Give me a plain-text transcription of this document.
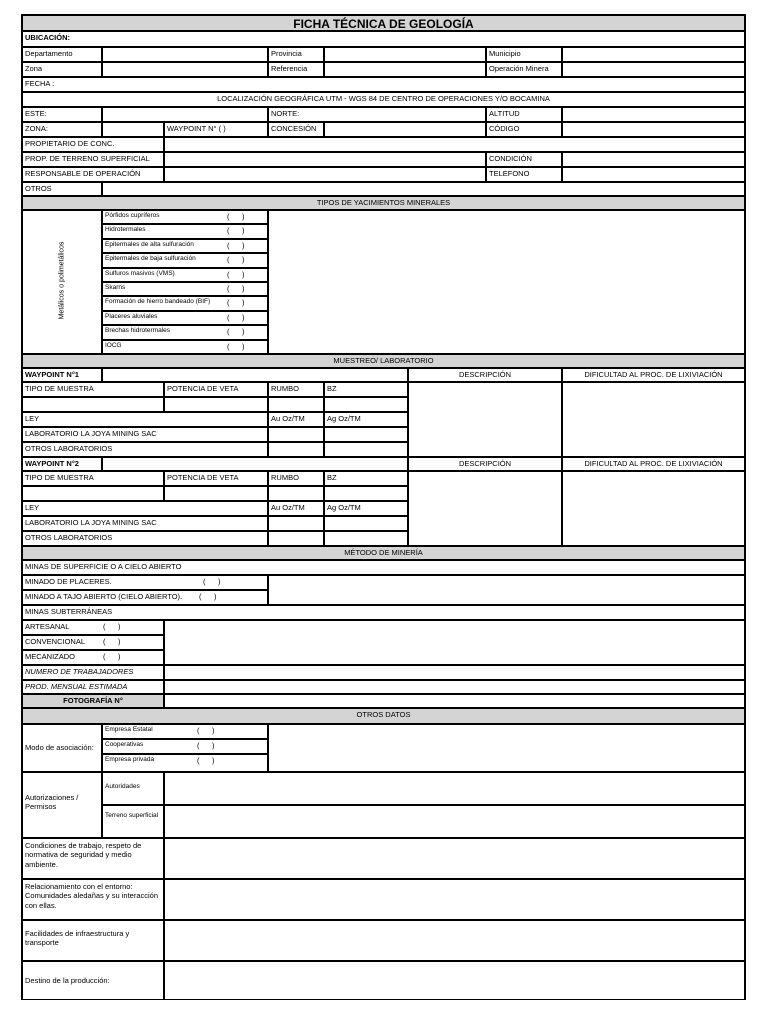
FICHA TÉCNICA DE GEOLOGÍA
UBICACIÓN:
Departamento	Provincia	Municipio
Zona	Referencia	Operación Minera
FECHA :
LOCALIZACIÓN GEOGRÁFICA UTM - WGS 84 DE CENTRO DE OPERACIONES Y/O BOCAMINA
ESTE:	NORTE:	ALTITUD
ZONA:	WAYPOINT N° ( )	CONCESIÓN	CÓDIGO
PROPIETARIO DE CONC.
PROP. DE TERRENO SUPERFICIAL	CONDICIÓN
RESPONSABLE DE OPERACIÓN	TELEFONO
OTROS
TIPOS DE YACIMIENTOS MINERALES
Metálicos o polimetálicos
Pórfidos cupríferos	(      )
Hidrotermales	(      )
Epitermales de alta sulfuración	(      )
Epitermales de baja sulfuración	(      )
Sulfuros masivos (VMS)	(      )
Skarns	(      )
Formación de hierro bandeado (BIF) (      )
Placeres aluviales	(      )
Brechas hidrotermales	(      )
IOCG	(      )
MUESTREO/ LABORATORIO
WAYPOINT N°1	DESCRIPCIÓN	DIFICULTAD AL PROC. DE LIXIVIACIÓN
TIPO DE MUESTRA	POTENCIA DE VETA	RUMBO	BZ
LEY	Au Oz/TM	Ag Oz/TM
LABORATORIO LA JOYA MINING SAC
OTROS LABORATORIOS
WAYPOINT N°2	DESCRIPCIÓN	DIFICULTAD AL PROC. DE LIXIVIACIÓN
TIPO DE MUESTRA	POTENCIA DE VETA	RUMBO	BZ
LEY	Au Oz/TM	Ag Oz/TM
LABORATORIO LA JOYA MINING SAC
OTROS LABORATORIOS
MÉTODO DE MINERÍA
MINAS DE SUPERFICIE O A CIELO ABIERTO
MINADO DE PLACERES.	(      )
MINADO A TAJO ABIERTO (CIELO ABIERTO). (      )
MINAS SUBTERRÁNEAS
ARTESANAL	(      )
CONVENCIONAL (      )
MECANIZADO	(      )
NUMERO DE TRABAJADORES
PROD. MENSUAL ESTIMADA
FOTOGRAFÍA N°
OTROS DATOS
Modo de asociación:
Empresa Estatal	(      )
Cooperativas	(      )
Empresa privada	(      )
Autorizaciones / Permisos
Autoridades
Terreno superficial
Condiciones de trabajo, respeto de normativa de seguridad y medio ambiente.
Relacionamiento con el entorno: Comunidades aledañas y su interacción con ellas.
Facilidades de infraestructura y transporte
Destino de la producción:
